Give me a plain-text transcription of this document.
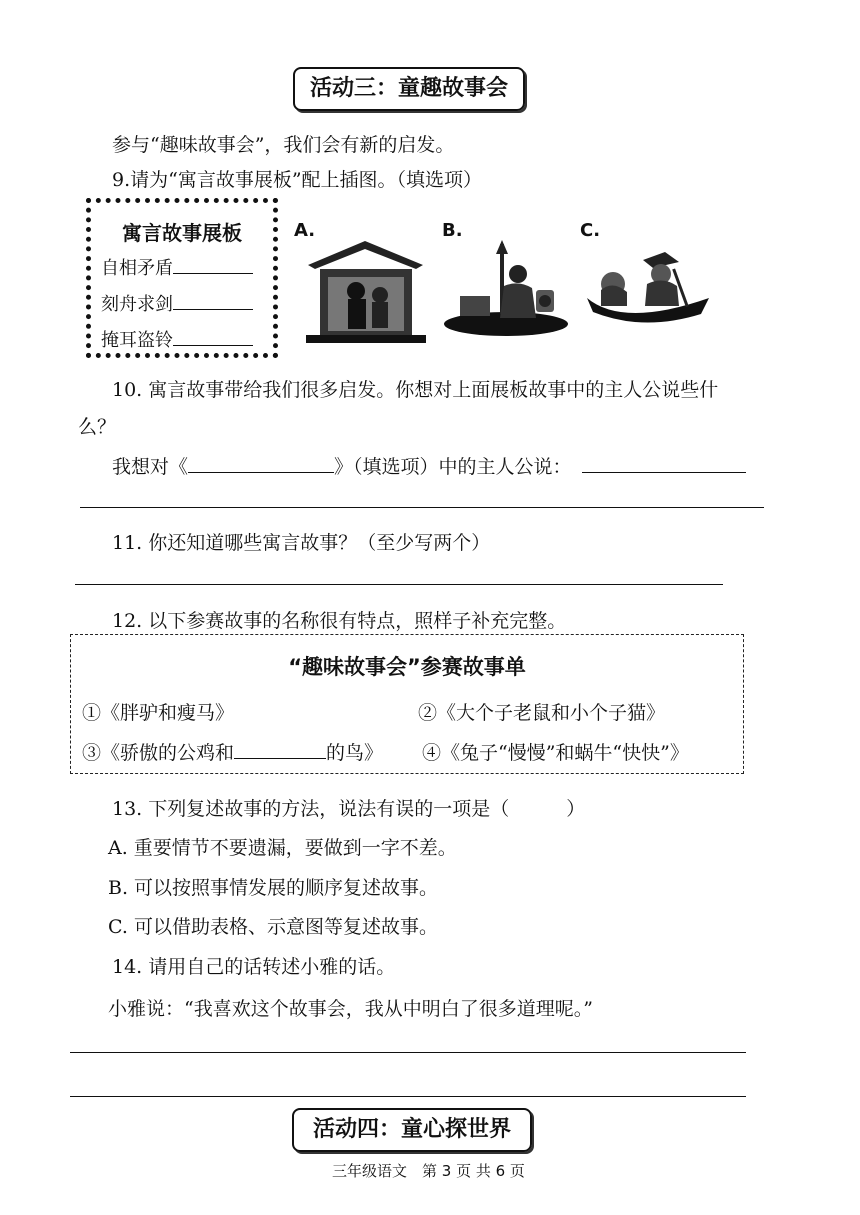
活动三：童趣故事会
参与“趣味故事会”，我们会有新的启发。
9.请为“寓言故事展板”配上插图。（填选项）
寓言故事展板
自相矛盾
刻舟求剑
掩耳盗铃
A.	B.	C.
10. 寓言故事带给我们很多启发。你想对上面展板故事中的主人公说些什
么？
我想对《	》（填选项）中的主人公说：
11. 你还知道哪些寓言故事？（至少写两个）
12. 以下参赛故事的名称很有特点，照样子补充完整。
“趣味故事会”参赛故事单
①《胖驴和瘦马》	②《大个子老鼠和小个子猫》
③《骄傲的公鸡和	的鸟》 ④《兔子“慢慢”和蜗牛“快快”》
13. 下列复述故事的方法，说法有误的一项是（　　　）
A. 重要情节不要遗漏，要做到一字不差。
B. 可以按照事情发展的顺序复述故事。
C. 可以借助表格、示意图等复述故事。
14. 请用自己的话转述小雅的话。
小雅说：“我喜欢这个故事会，我从中明白了很多道理呢。”
活动四：童心探世界
三年级语文　第 3 页 共 6 页
